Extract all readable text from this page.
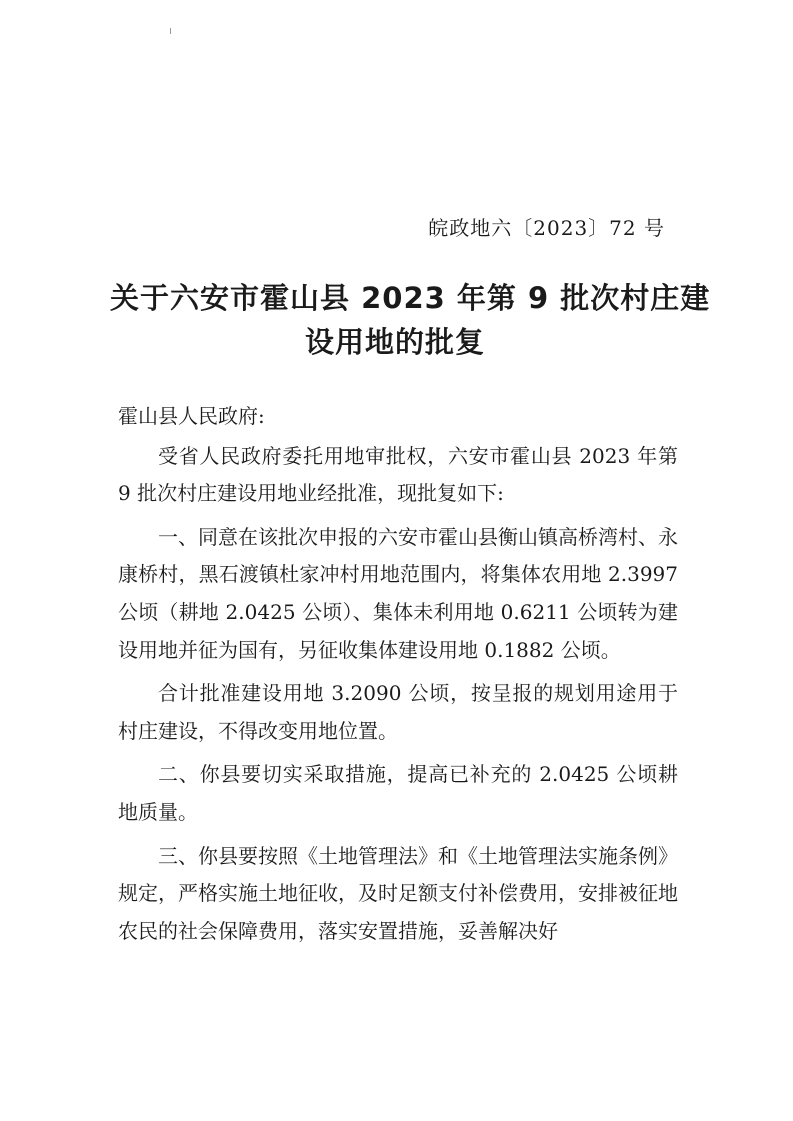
皖政地六〔2023〕72 号
关于六安市霍山县 2023 年第 9 批次村庄建
设用地的批复
霍山县人民政府:

受省人民政府委托用地审批权，六安市霍山县 2023 年第 9 批次村庄建设用地业经批准，现批复如下:

一、同意在该批次申报的六安市霍山县衡山镇高桥湾村、永康桥村，黑石渡镇杜家冲村用地范围内，将集体农用地 2.3997 公顷（耕地 2.0425 公顷）、集体未利用地 0.6211 公顷转为建设用地并征为国有，另征收集体建设用地 0.1882 公顷。

合计批准建设用地 3.2090 公顷，按呈报的规划用途用于村庄建设，不得改变用地位置。

二、你县要切实采取措施，提高已补充的 2.0425 公顷耕地质量。

三、你县要按照《土地管理法》和《土地管理法实施条例》规定，严格实施土地征收，及时足额支付补偿费用，安排被征地农民的社会保障费用，落实安置措施，妥善解决好
